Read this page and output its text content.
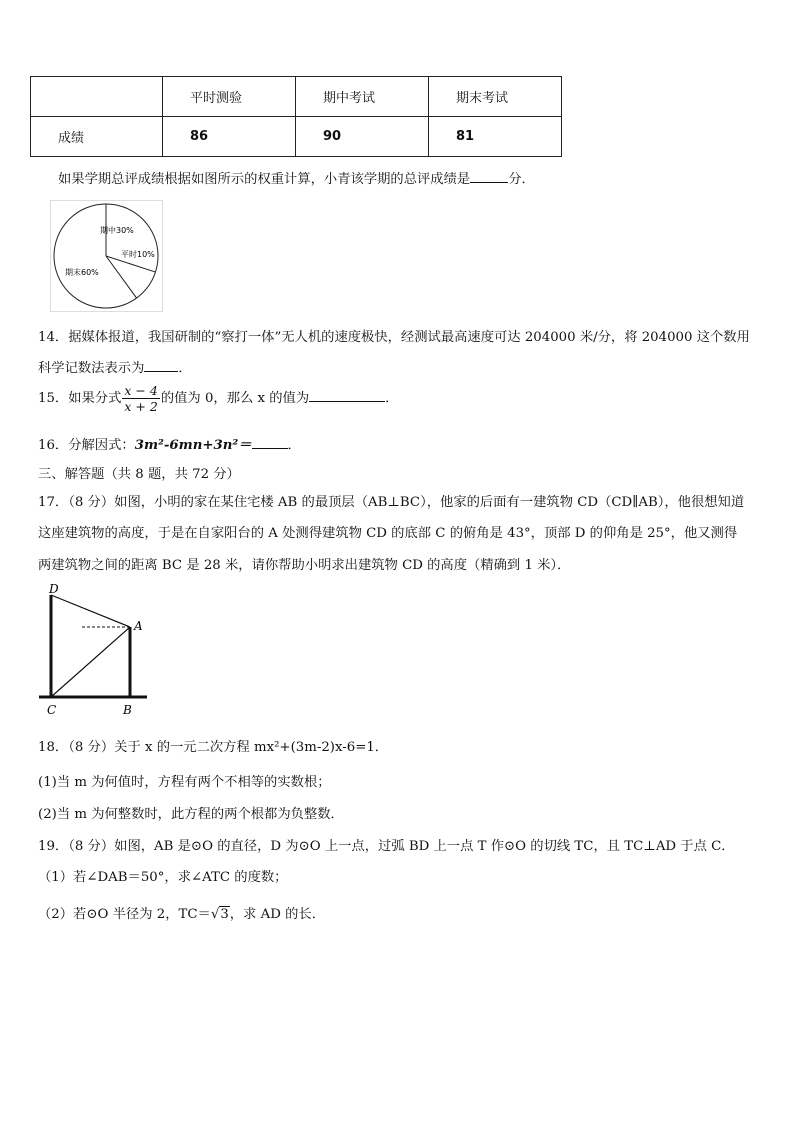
	平时测验	期中考试	期末考试
成绩	86	90	81
如果学期总评成绩根据如图所示的权重计算，小青该学期的总评成绩是	分．
期中30%
平时10%
期末60%
14．据媒体报道，我国研制的“察打一体”无人机的速度极快，经测试最高速度可达 204000 米/分，将 204000 这个数用
科学记数法表示为	．
15．如果分式 $\frac{x - 4}{x + 2}$ 的值为 0，那么 x 的值为	．
16．分解因式：3m²-6mn+3n²＝	．
三、解答题（共 8 题，共 72 分）
17．（8 分）如图，小明的家在某住宅楼 AB 的最顶层（AB⊥BC），他家的后面有一建筑物 CD（CD∥AB），他很想知道
这座建筑物的高度，于是在自家阳台的 A 处测得建筑物 CD 的底部 C 的俯角是 43°，顶部 D 的仰角是 25°，他又测得
两建筑物之间的距离 BC 是 28 米，请你帮助小明求出建筑物 CD 的高度（精确到 1 米）．
D
A
C	B
18．（8 分）关于 x 的一元二次方程 mx²+(3m-2)x-6=1．
(1)当 m 为何值时，方程有两个不相等的实数根；
(2)当 m 为何整数时，此方程的两个根都为负整数．
19．（8 分）如图，AB 是⊙O 的直径，D 为⊙O 上一点，过弧 BD 上一点 T 作⊙O 的切线 TC，且 TC⊥AD 于点 C．
（1）若∠DAB＝50°，求∠ATC 的度数；
（2）若⊙O 半径为 2，TC＝√3，求 AD 的长．
